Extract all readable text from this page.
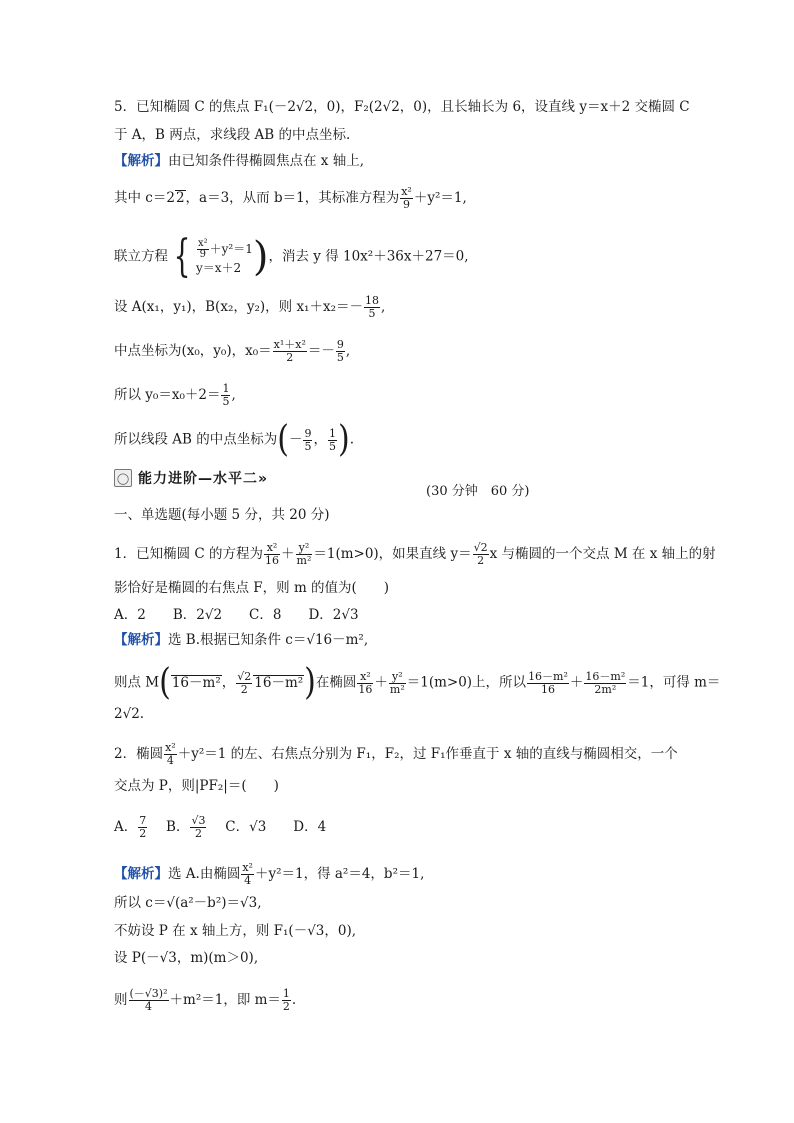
5．已知椭圆 C 的焦点 F₁(－2√2，0)，F₂(2√2，0)，且长轴长为 6，设直线 y＝x＋2 交椭圆 C
于 A，B 两点，求线段 AB 的中点坐标.
【解析】由已知条件得椭圆焦点在 x 轴上,
其中 c＝22，a＝3，从而 b＝1，其标准方程为 $\frac{\text{x²}}{9} +y^2=1$,
联立方程 { $\frac{\text{x²}}{9} +y^2=1$
y＝x＋2 )，消去 y 得 10x²＋36x＋27＝0,
设 A(x₁，y₁)，B(x₂，y₂)，则 $x_1+x_2=- \frac{18}{5}$ ,
中点坐标为(x₀，y₀)，$x_0= \frac{\text{x¹＋x²}}{2} =- \frac{9}{5}$ ,
所以 $y_0=x_0+2= \frac{1}{5}$ ,
所以线段 AB 的中点坐标为(－ $\frac{9}{5}$ ， $\frac{1}{5}$ ).
◯ 能力进阶—水平二»
(30 分钟　60 分)
一、单选题(每小题 5 分，共 20 分)
1．已知椭圆 C 的方程为 $\frac{\text{x²}}{16} + \frac{\text{y²}}{\text{m²}} =1(m>0)$，如果直线 $y= \frac{√2}{2}$ x 与椭圆的一个交点 M 在 x 轴上的射
影恰好是椭圆的右焦点 F，则 m 的值为(　　)
A．2　　B．2√2　　C．8　　D．2√3
【解析】选 B.根据已知条件 c＝√16－m²,
则点 M(16－m²， $\frac{√2}{2} 16-m^2$)在椭圆 $\frac{\text{x²}}{16} + \frac{\text{y²}}{\text{m²}} =1(m>0)$上，所以 $\frac{\text{16－m²}}{16} + \frac{\text{16－m²}}{\text{2m²}} =1$，可得 m＝
2√2.
2．椭圆 $\frac{\text{x²}}{4} +y^2=1$ 的左、右焦点分别为 F₁，F₂，过 F₁作垂直于 x 轴的直线与椭圆相交，一个
交点为 P，则|PF₂|＝(　　)
A． $\frac{7}{2}$
　 B． $\frac{√3}{2}$
　 C．√3　　D．4
【解析】选 A.由椭圆 $\frac{\text{x²}}{4} +y^2=1$，得 a²＝4，b²＝1,
所以 c＝√(a²－b²)＝√3,
不妨设 P 在 x 轴上方，则 F₁(－√3，0),
设 P(－√3，m)(m＞0),
则 $\frac{\text{(－√3)²}}{4} +m^2=1$，即 $m= \frac{1}{2}$ .
